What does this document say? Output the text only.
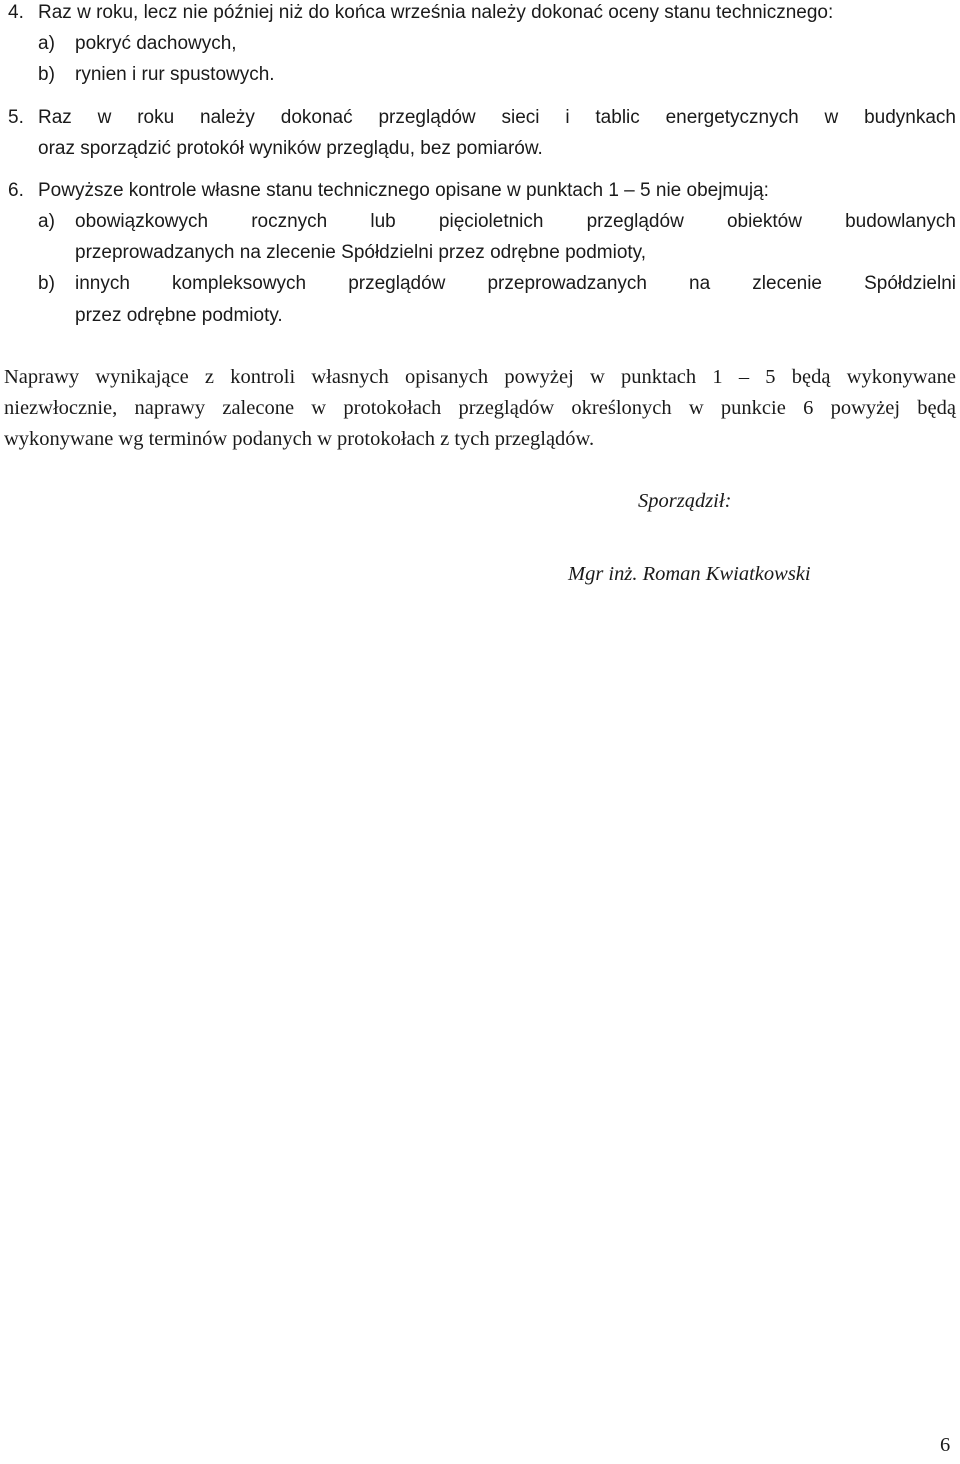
4. Raz w roku, lecz nie później niż do końca września należy dokonać oceny stanu technicznego:
a) pokryć dachowych,
b) rynien i rur spustowych.
5. Raz w roku należy dokonać przeglądów sieci i tablic energetycznych w budynkach
oraz sporządzić protokół wyników przeglądu, bez pomiarów.
6. Powyższe kontrole własne stanu technicznego opisane w punktach 1 – 5 nie obejmują:
a) obowiązkowych rocznych lub pięcioletnich przeglądów obiektów budowlanych
przeprowadzanych na zlecenie Spółdzielni przez odrębne podmioty,
b) innych kompleksowych przeglądów przeprowadzanych na zlecenie Spółdzielni
przez odrębne podmioty.
Naprawy wynikające z kontroli własnych opisanych powyżej w punktach 1 – 5 będą wykonywane
niezwłocznie, naprawy zalecone w protokołach przeglądów określonych w punkcie 6 powyżej będą
wykonywane wg terminów podanych w protokołach z tych przeglądów.
Sporządził:
Mgr inż. Roman Kwiatkowski
6
